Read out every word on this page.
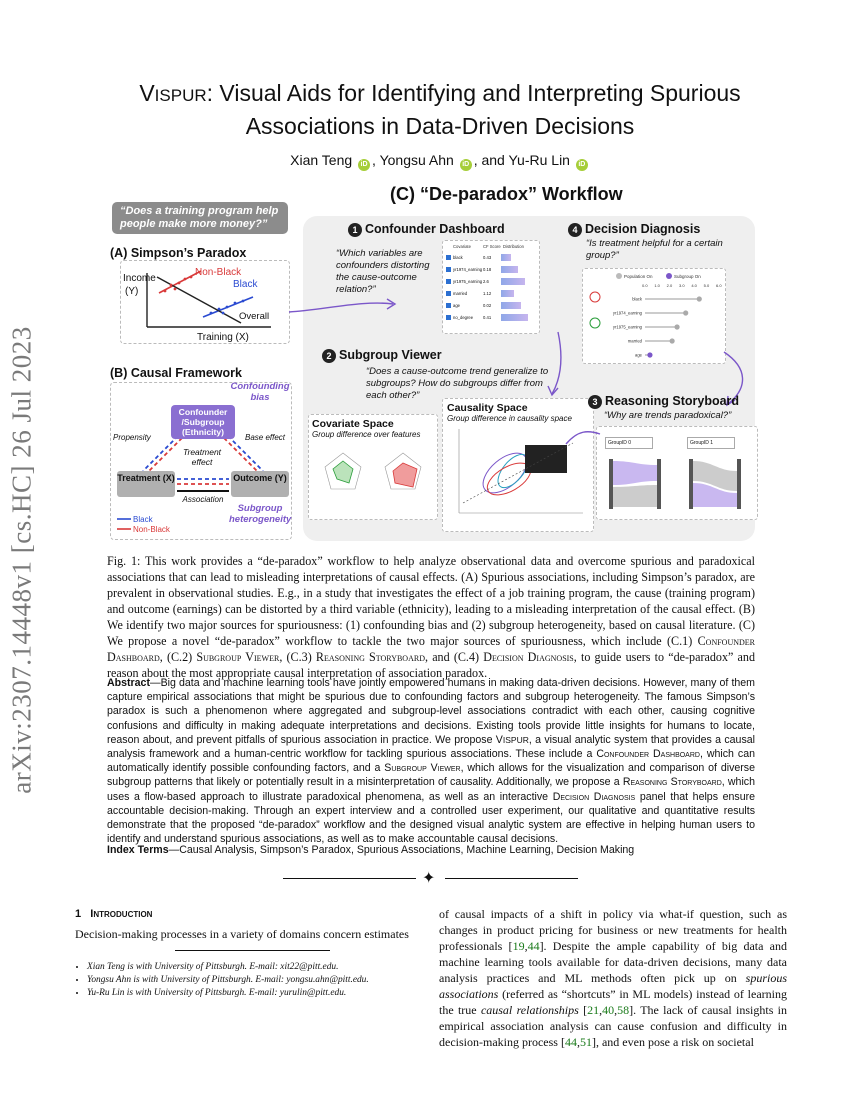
arXiv:2307.14448v1 [cs.HC] 26 Jul 2023
VISPUR: Visual Aids for Identifying and Interpreting Spurious
Associations in Data-Driven Decisions
Xian Teng iD , Yongsu Ahn iD , and Yu-Ru Lin iD
(C) “De-paradox” Workflow
“Does a training program help people make more money?”
(A) Simpson’s Paradox
Income
(Y)
Non-Black
Black
Overall
Training (X)
(B) Causal Framework
Black
Non-Black
Confounding bias
Confounder /Subgroup (Ethnicity)
Propensity	Base effect
Treatment effect
Treatment (X)	Outcome (Y)
Association
Subgroup heterogeneity
1 Confounder Dashboard
“Which variables are confounders distorting the cause-outcome relation?”
Covariate	CF Score Distribution
black	0.43
yr1974_earning 0.18
yr1975_earning 2.6
married	1.12
age	0.02
no_degree	0.41
4 Decision Diagnosis
“Is treatment helpful for a certain group?”
Population On	Subgroup On
0.0 1.0 2.0 3.0 4.0 5.0 6.0
black
yr1974_earning
yr1975_earning
married
age
2 Subgroup Viewer
“Does a cause-outcome trend generalize to subgroups? How do subgroups differ from each other?”
Covariate Space
Group difference over features
Causality Space
Group difference in causality space
3 Reasoning Storyboard
“Why are trends paradoxical?”
GroupID 0	GroupID 1
Fig. 1: This work provides a “de-paradox” workflow to help analyze observational data and overcome spurious and paradoxical associations that can lead to misleading interpretations of causal effects. (A) Spurious associations, including Simpson’s paradox, are prevalent in observational studies. E.g., in a study that investigates the effect of a job training program, the cause (training program) and outcome (earnings) can be distorted by a third variable (ethnicity), leading to a misleading interpretation of the causal effect. (B) We identify two major sources for spuriousness: (1) confounding bias and (2) subgroup heterogeneity, based on causal literature. (C) We propose a novel “de-paradox” workflow to tackle the two major sources of spuriousness, which include (C.1) Confounder Dashboard, (C.2) Subgroup Viewer, (C.3) Reasoning Storyboard, and (C.4) Decision Diagnosis, to guide users to “de-paradox” and reason about the most appropriate causal interpretation of association paradox.
Abstract—Big data and machine learning tools have jointly empowered humans in making data-driven decisions. However, many of them capture empirical associations that might be spurious due to confounding factors and subgroup heterogeneity. The famous Simpson’s paradox is such a phenomenon where aggregated and subgroup-level associations contradict with each other, causing cognitive confusions and difficulty in making adequate interpretations and decisions. Existing tools provide little insights for humans to locate, reason about, and prevent pitfalls of spurious association in practice. We propose VISPUR, a visual analytic system that provides a causal analysis framework and a human-centric workflow for tackling spurious associations. These include a Confounder Dashboard, which can automatically identify possible confounding factors, and a Subgroup Viewer, which allows for the visualization and comparison of diverse subgroup patterns that likely or potentially result in a misinterpretation of causality. Additionally, we propose a Reasoning Storyboard, which uses a flow-based approach to illustrate paradoxical phenomena, as well as an interactive Decision Diagnosis panel that helps ensure accountable decision-making. Through an expert interview and a controlled user experiment, our qualitative and quantitative results demonstrate that the proposed “de-paradox” workflow and the designed visual analytic system are effective in helping human users to identify and understand spurious associations, as well as to make accountable causal decisions.
Index Terms—Causal Analysis, Simpson’s Paradox, Spurious Associations, Machine Learning, Decision Making
✦
1 Introduction
Decision-making processes in a variety of domains concern estimates
• Xian Teng is with University of Pittsburgh. E-mail: xit22@pitt.edu.
• Yongsu Ahn is with University of Pittsburgh. E-mail: yongsu.ahn@pitt.edu.
• Yu-Ru Lin is with University of Pittsburgh. E-mail: yurulin@pitt.edu.
of causal impacts of a shift in policy via what-if question, such as changes in product pricing for business or new treatments for health professionals [19,44]. Despite the ample capability of big data and machine learning tools available for data-driven decisions, many data analysis practices and ML methods often pick up on spurious associations (referred as “shortcuts” in ML models) instead of learning the true causal relationships [21,40,58]. The lack of causal insights in empirical association analysis can cause confusion and difficulty in decision-making process [44,51], and even pose a risk on societal
